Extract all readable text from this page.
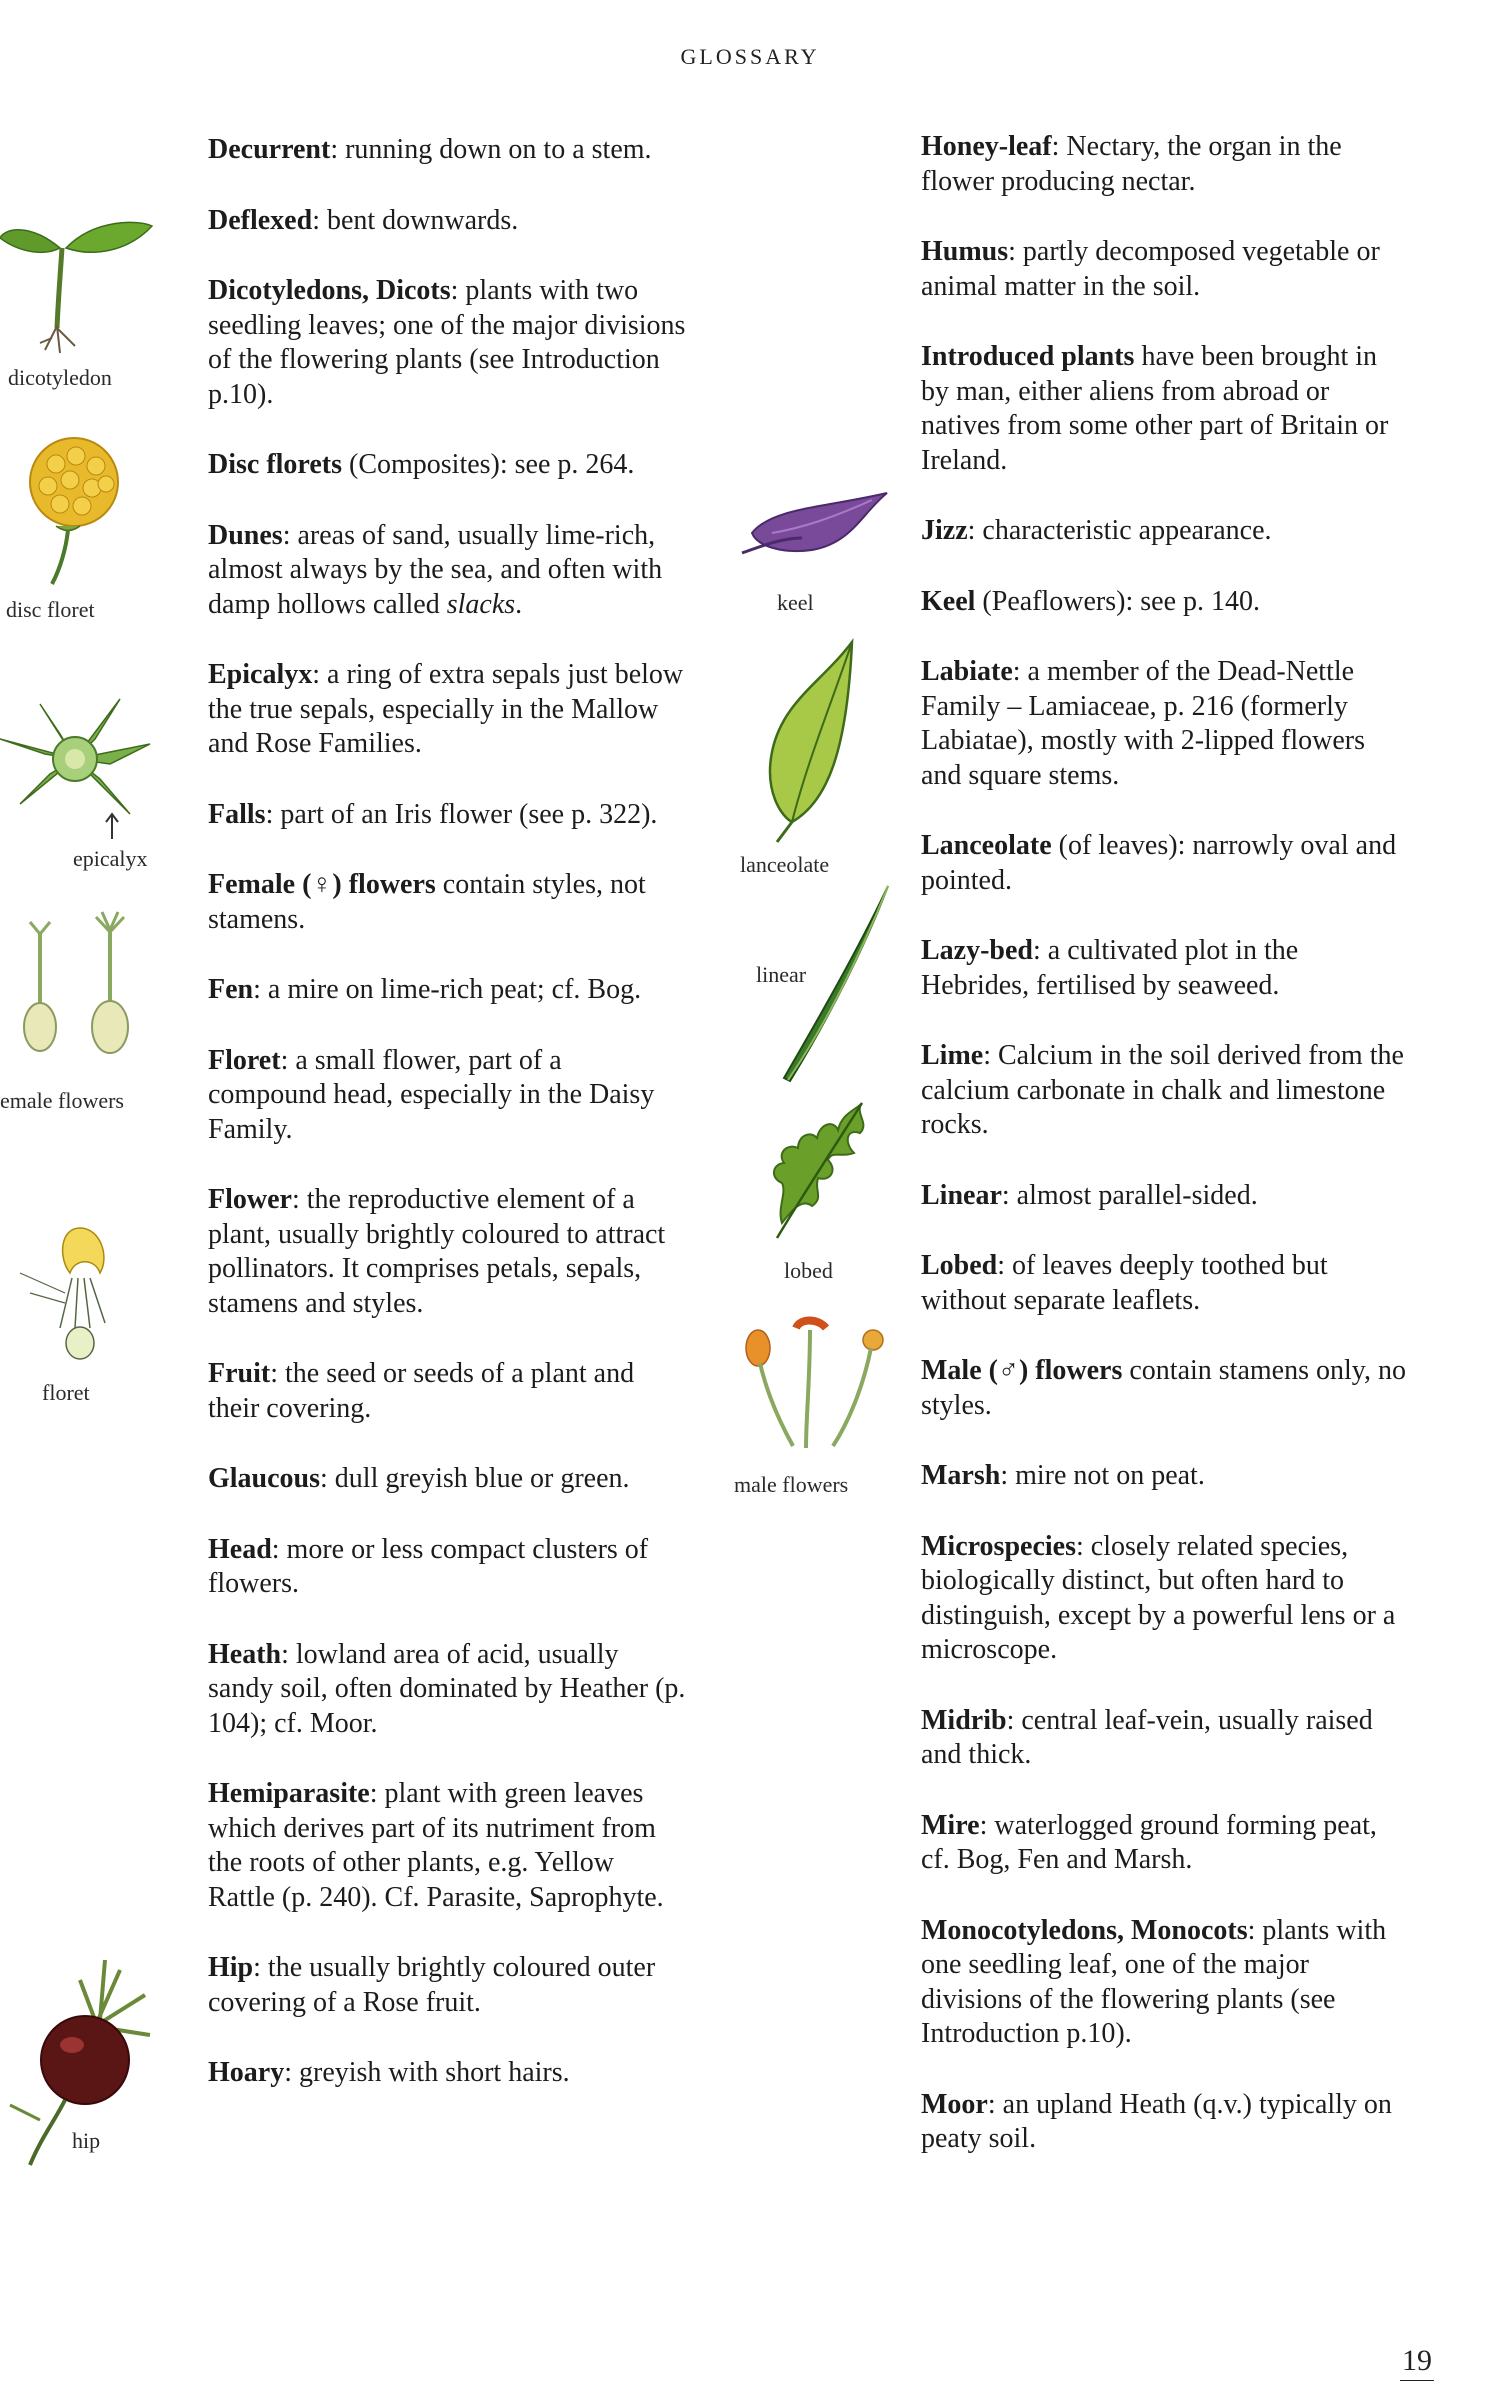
GLOSSARY
dicotyledon
disc floret
epicalyx
emale flowers
floret
hip

Decurrent: running down on to a stem.

Deflexed: bent downwards.

Dicotyledons, Dicots: plants with two seedling leaves; one of the major divisions of the flowering plants (see Introduction p.10).

Disc florets (Composites): see p. 264.

Dunes: areas of sand, usually lime-rich, almost always by the sea, and often with damp hollows called slacks.

Epicalyx: a ring of extra sepals just below the true sepals, especially in the Mallow and Rose Families.

Falls: part of an Iris flower (see p. 322).

Female (♀) flowers contain styles, not stamens.

Fen: a mire on lime-rich peat; cf. Bog.

Floret: a small flower, part of a compound head, especially in the Daisy Family.

Flower: the reproductive element of a plant, usually brightly coloured to attract pollinators. It comprises petals, sepals, stamens and styles.

Fruit: the seed or seeds of a plant and their covering.

Glaucous: dull greyish blue or green.

Head: more or less compact clusters of flowers.

Heath: lowland area of acid, usually sandy soil, often dominated by Heather (p. 104); cf. Moor.

Hemiparasite: plant with green leaves which derives part of its nutriment from the roots of other plants, e.g. Yellow Rattle (p. 240). Cf. Parasite, Saprophyte.

Hip: the usually brightly coloured outer covering of a Rose fruit.

Hoary: greyish with short hairs.

keel
lanceolate
linear
lobed
male flowers

Honey-leaf: Nectary, the organ in the flower producing nectar.

Humus: partly decomposed vegetable or animal matter in the soil.

Introduced plants have been brought in by man, either aliens from abroad or natives from some other part of Britain or Ireland.

Jizz: characteristic appearance.

Keel (Peaflowers): see p. 140.

Labiate: a member of the Dead-Nettle Family – Lamiaceae, p. 216 (formerly Labiatae), mostly with 2-lipped flowers and square stems.

Lanceolate (of leaves): narrowly oval and pointed.

Lazy-bed: a cultivated plot in the Hebrides, fertilised by seaweed.

Lime: Calcium in the soil derived from the calcium carbonate in chalk and limestone rocks.

Linear: almost parallel-sided.

Lobed: of leaves deeply toothed but without separate leaflets.

Male (♂) flowers contain stamens only, no styles.

Marsh: mire not on peat.

Microspecies: closely related species, biologically distinct, but often hard to distinguish, except by a powerful lens or a microscope.

Midrib: central leaf-vein, usually raised and thick.

Mire: waterlogged ground forming peat, cf. Bog, Fen and Marsh.

Monocotyledons, Monocots: plants with one seedling leaf, one of the major divisions of the flowering plants (see Introduction p.10).

Moor: an upland Heath (q.v.) typically on peaty soil.

19
